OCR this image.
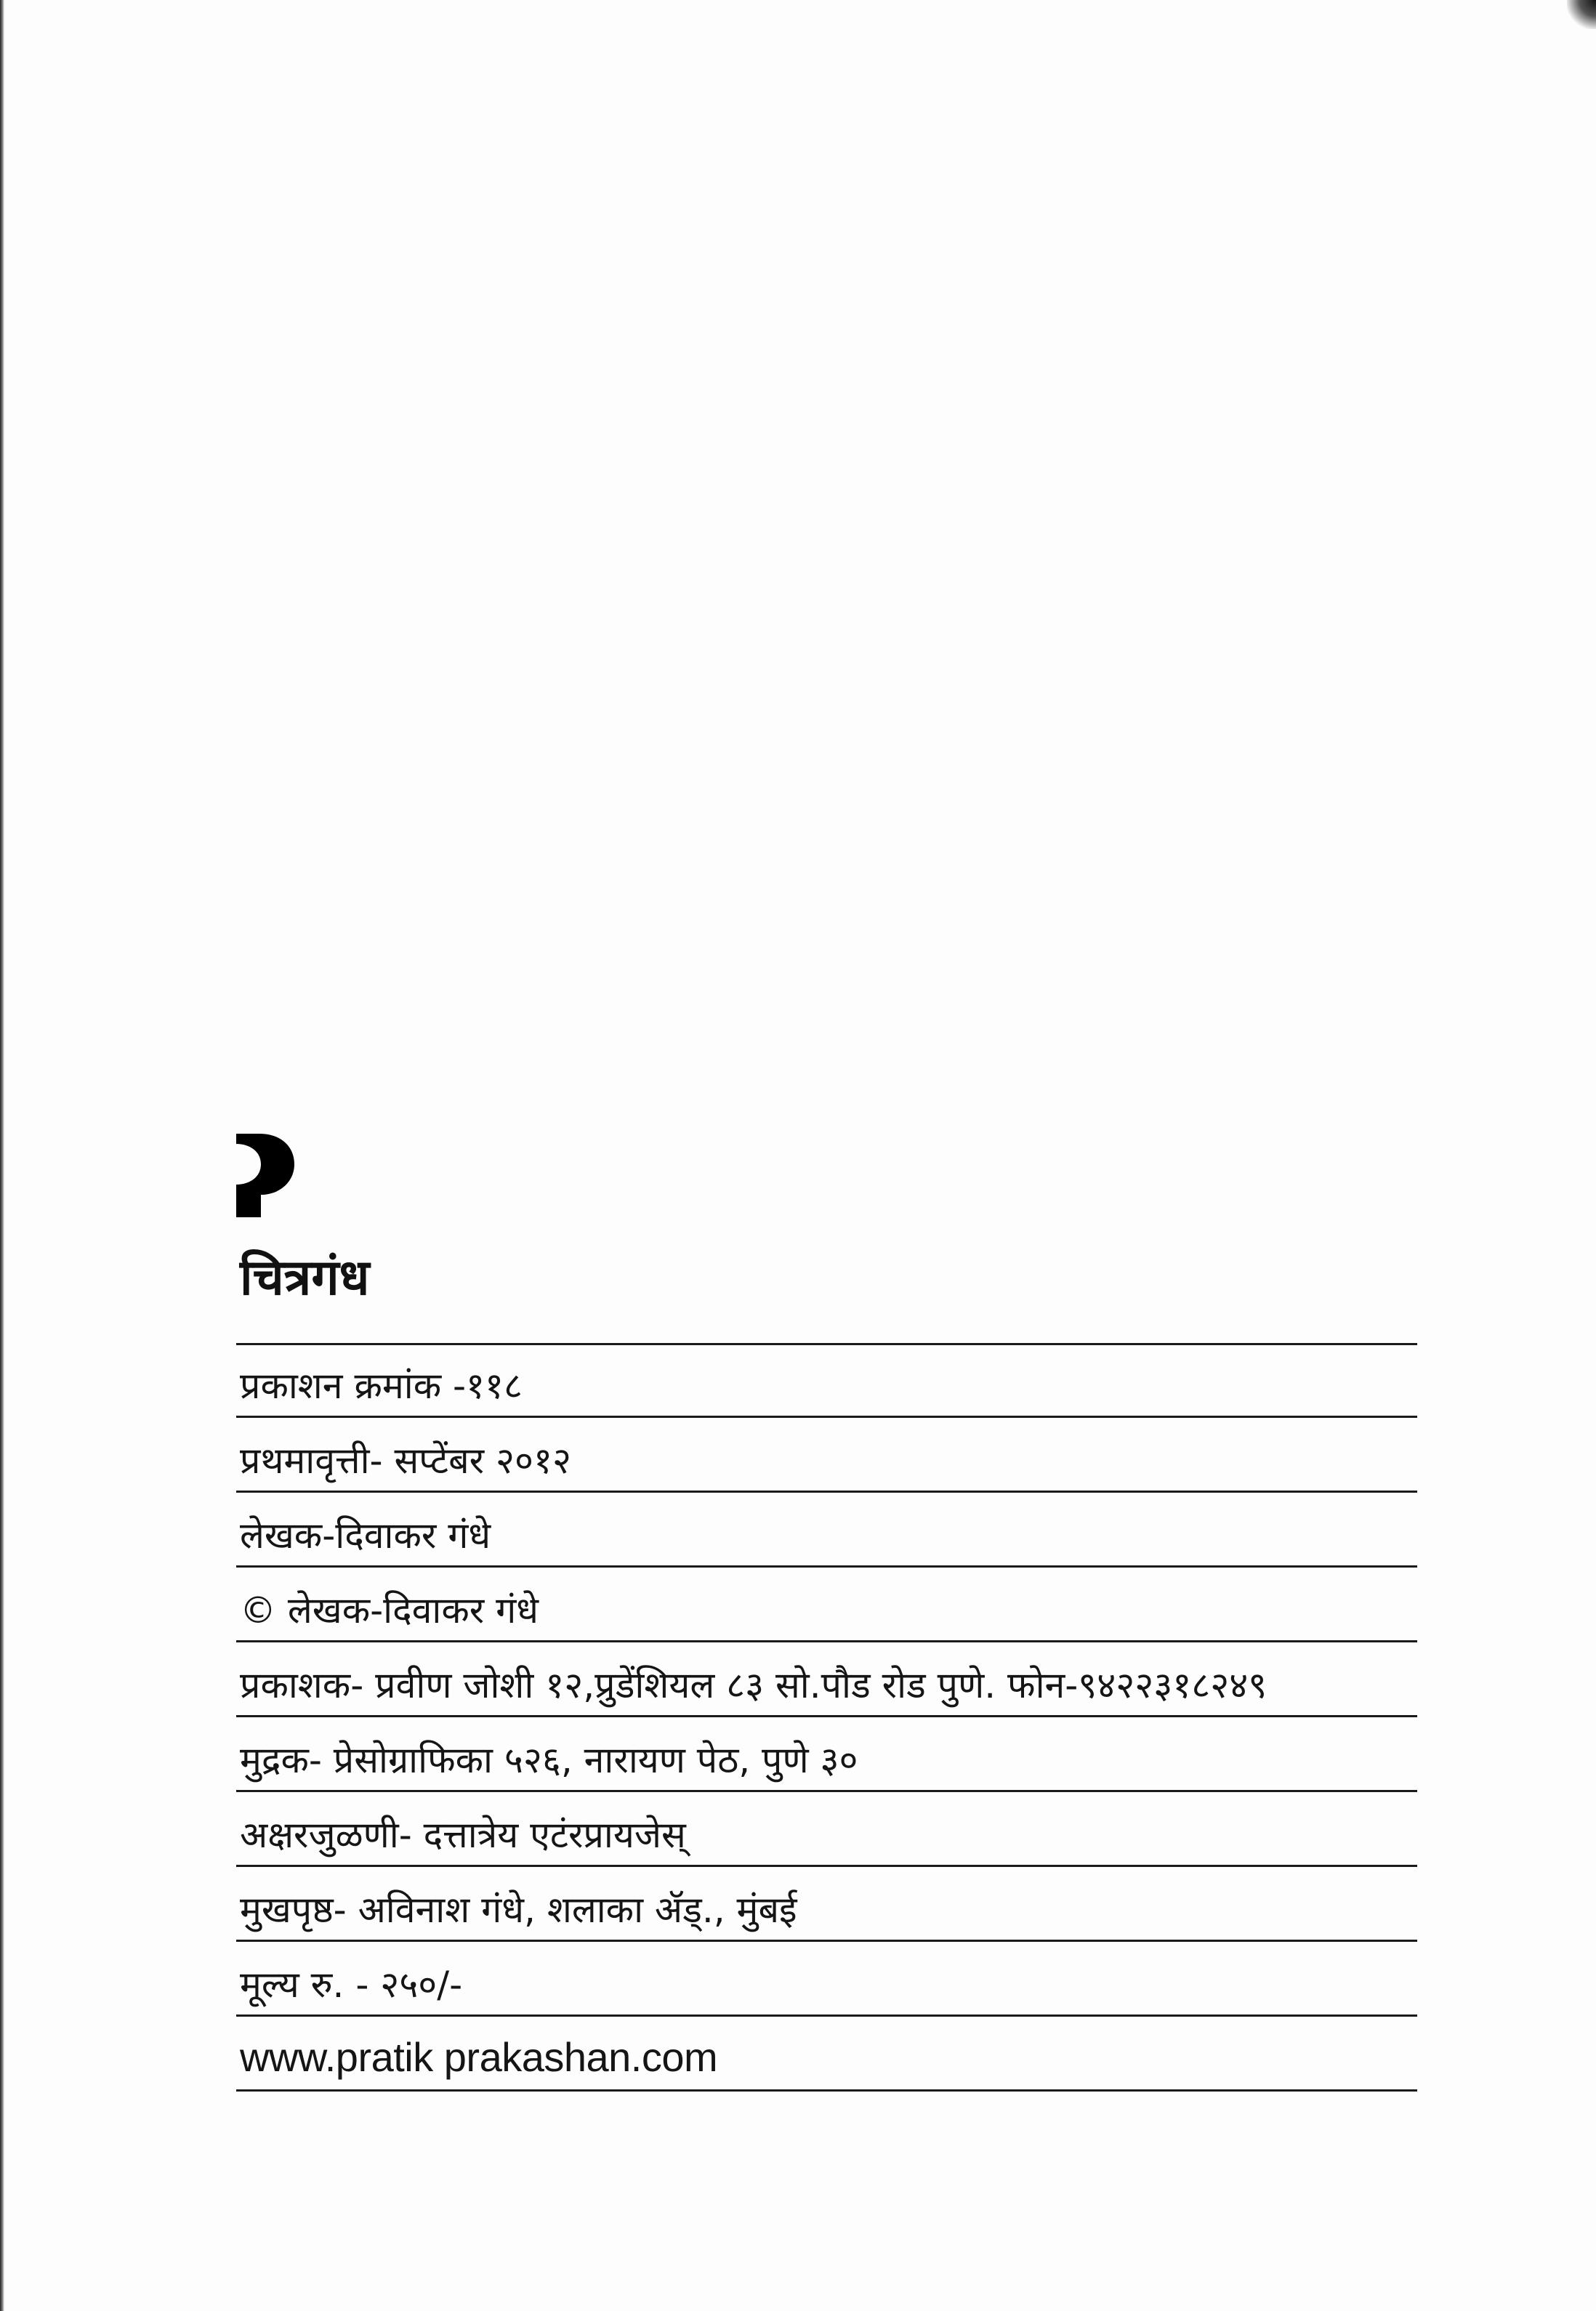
चित्रगंध
प्रकाशन क्रमांक -११८
प्रथमावृत्ती- सप्टेंबर २०१२
लेखक-दिवाकर गंधे
© लेखक-दिवाकर गंधे
प्रकाशक- प्रवीण जोशी १२,प्रुडेंशियल ८३ सो.पौड रोड पुणे. फोन-९४२२३१८२४९
मुद्रक- प्रेसोग्राफिका ५२६, नारायण पेठ, पुणे ३०
अक्षरजुळणी- दत्तात्रेय एटंरप्रायजेस्
मुखपृष्ठ- अविनाश गंधे, शलाका ॲड्., मुंबई
मूल्य रु. - २५०/-
www.pratik prakashan.com
